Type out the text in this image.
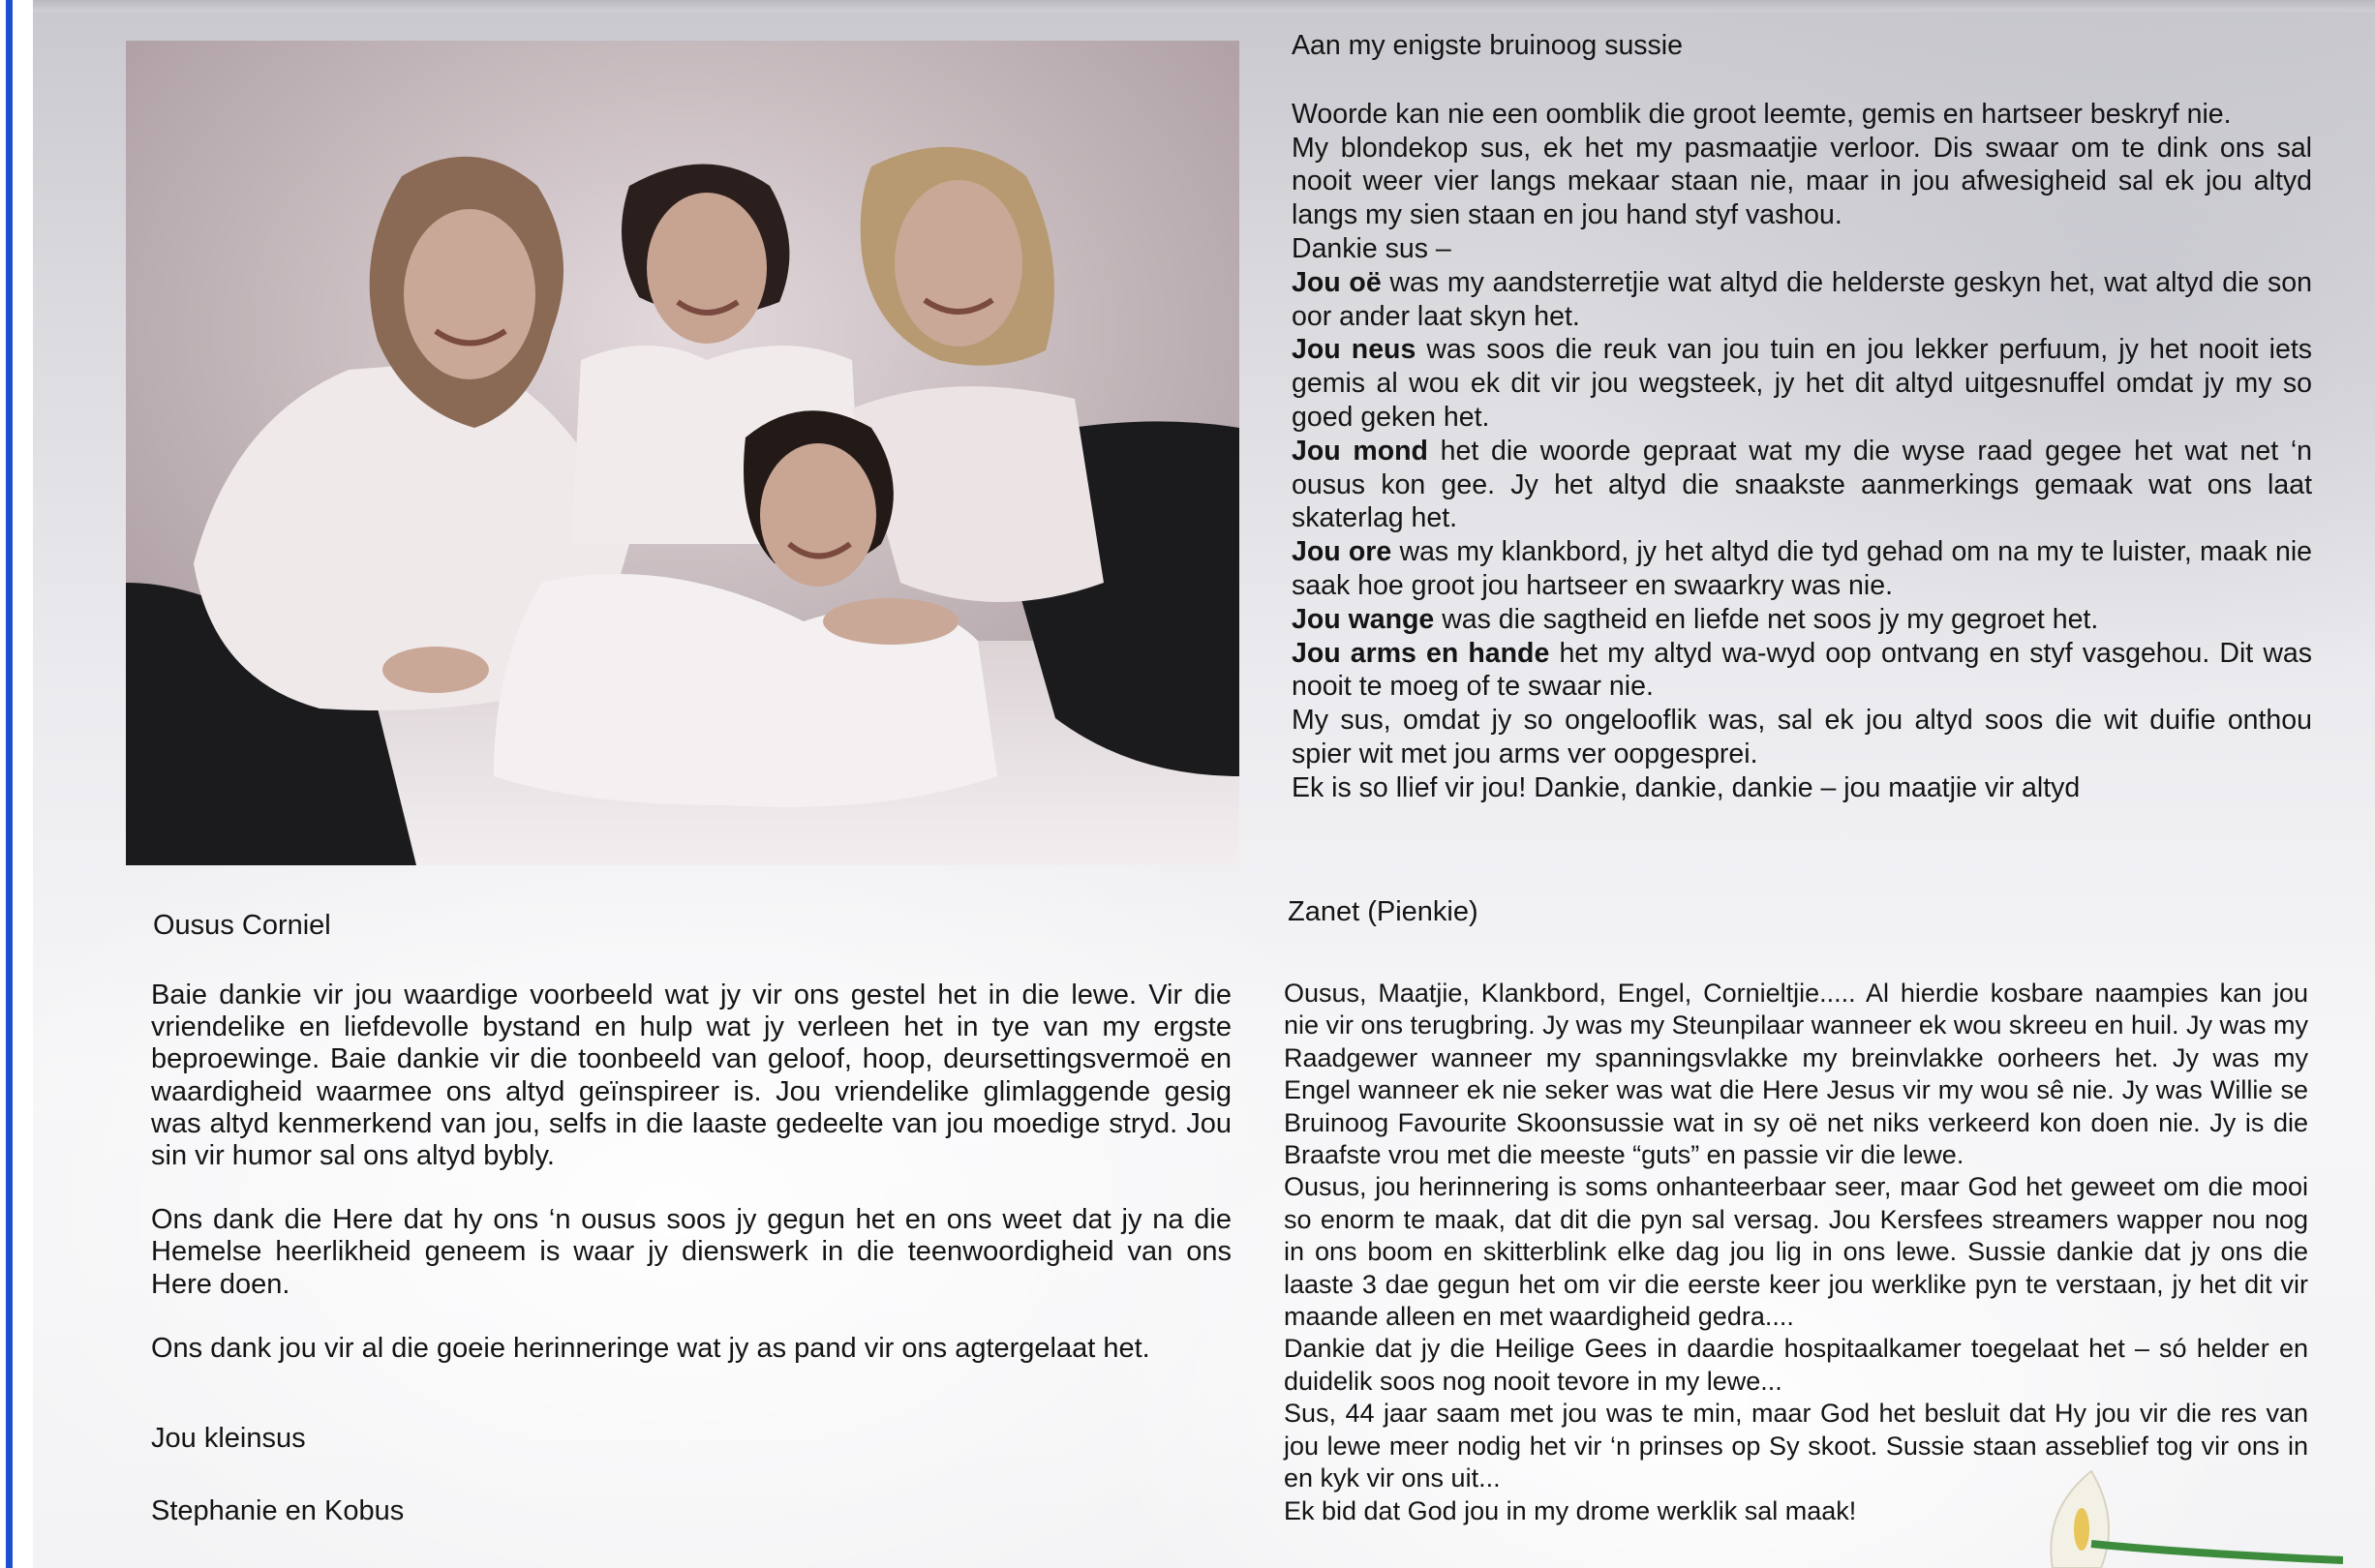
Aan my enigste bruinoog sussie

Woorde kan nie een oomblik die groot leemte, gemis en hartseer beskryf nie.

My blondekop sus, ek het my pasmaatjie verloor. Dis swaar om te dink ons sal nooit weer vier langs mekaar staan nie, maar in jou afwesigheid sal ek jou altyd langs my sien staan en jou hand styf vashou.

Dankie sus –

Jou oë was my aandsterretjie wat altyd die helderste geskyn het, wat altyd die son oor ander laat skyn het.

Jou neus was soos die reuk van jou tuin en jou lekker perfuum, jy het nooit iets gemis al wou ek dit vir jou wegsteek, jy het dit altyd uitgesnuffel omdat jy my so goed geken het.

Jou mond het die woorde gepraat wat my die wyse raad gegee het wat net ‘n ousus kon gee. Jy het altyd die snaakste aanmerkings gemaak wat ons laat skaterlag het.

Jou ore was my klankbord, jy het altyd die tyd gehad om na my te luister, maak nie saak hoe groot jou hartseer en swaarkry was nie.

Jou wange was die sagtheid en liefde net soos jy my gegroet het.

Jou arms en hande het my altyd wa-wyd oop ontvang en styf vasgehou. Dit was nooit te moeg of te swaar nie.

My sus, omdat jy so ongelooflik was, sal ek jou altyd soos die wit duifie onthou spier wit met jou arms ver oopgesprei.

Ek is so llief vir jou! Dankie, dankie, dankie – jou maatjie vir altyd

Zanet (Pienkie)

Ousus, Maatjie, Klankbord, Engel, Cornieltjie..... Al hierdie kosbare naampies kan jou nie vir ons terugbring. Jy was my Steunpilaar wanneer ek wou skreeu en huil. Jy was my Raadgewer wanneer my spanningsvlakke my breinvlakke oorheers het. Jy was my Engel wanneer ek nie seker was wat die Here Jesus vir my wou sê nie. Jy was Willie se Bruinoog Favourite Skoonsussie wat in sy oë net niks verkeerd kon doen nie. Jy is die Braafste vrou met die meeste “guts” en passie vir die lewe.

Ousus, jou herinnering is soms onhanteerbaar seer, maar God het geweet om die mooi so enorm te maak, dat dit die pyn sal versag. Jou Kersfees streamers wapper nou nog in ons boom en skitterblink elke dag jou lig in ons lewe. Sussie dankie dat jy ons die laaste 3 dae gegun het om vir die eerste keer jou werklike pyn te verstaan, jy het dit vir maande alleen en met waardigheid gedra....

Dankie dat jy die Heilige Gees in daardie hospitaalkamer toegelaat het – só helder en duidelik soos nog nooit tevore in my lewe...

Sus, 44 jaar saam met jou was te min, maar God het besluit dat Hy jou vir die res van jou lewe meer nodig het vir ‘n prinses op Sy skoot. Sussie staan asseblief tog vir ons in en kyk vir ons uit...

Ek bid dat God jou in my drome werklik sal maak!

Ousus Corniel

Baie dankie vir jou waardige voorbeeld wat jy vir ons gestel het in die lewe. Vir die vriendelike en liefdevolle bystand en hulp wat jy verleen het in tye van my ergste beproewinge. Baie dankie vir die toonbeeld van geloof, hoop, deursettingsvermoë en waardigheid waarmee ons altyd geïnspireer is. Jou vriendelike glimlaggende gesig was altyd kenmerkend van jou, selfs in die laaste gedeelte van jou moedige stryd. Jou sin vir humor sal ons altyd bybly.

Ons dank die Here dat hy ons ‘n ousus soos jy gegun het en ons weet dat jy na die Hemelse heerlikheid geneem is waar jy dienswerk in die teenwoordigheid van ons Here doen.

Ons dank jou vir al die goeie herinneringe wat jy as pand vir ons agtergelaat het.

Jou kleinsus
Stephanie en Kobus
